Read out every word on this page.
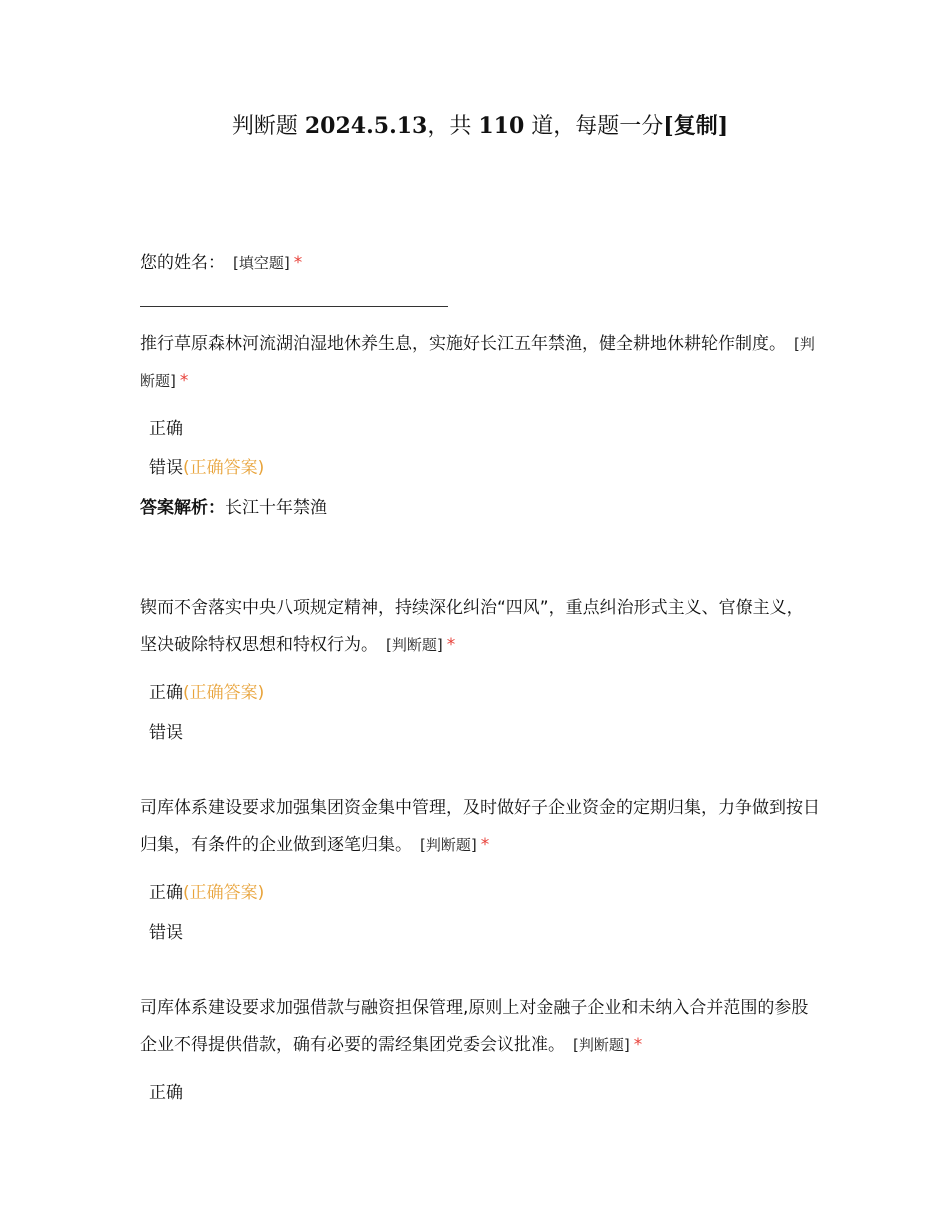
判断题 2024.5.13，共 110 道，每题一分[复制]
您的姓名： [填空题] *
推行草原森林河流湖泊湿地休养生息，实施好长江五年禁渔，健全耕地休耕轮作制度。 [判断题] *
正确
错误(正确答案)
答案解析：长江十年禁渔
锲而不舍落实中央八项规定精神，持续深化纠治“四风”，重点纠治形式主义、官僚主义，坚决破除特权思想和特权行为。 [判断题] *
正确(正确答案)
错误
司库体系建设要求加强集团资金集中管理，及时做好子企业资金的定期归集，力争做到按日归集，有条件的企业做到逐笔归集。 [判断题] *
正确(正确答案)
错误
司库体系建设要求加强借款与融资担保管理,原则上对金融子企业和未纳入合并范围的参股企业不得提供借款，确有必要的需经集团党委会议批准。 [判断题] *
正确
